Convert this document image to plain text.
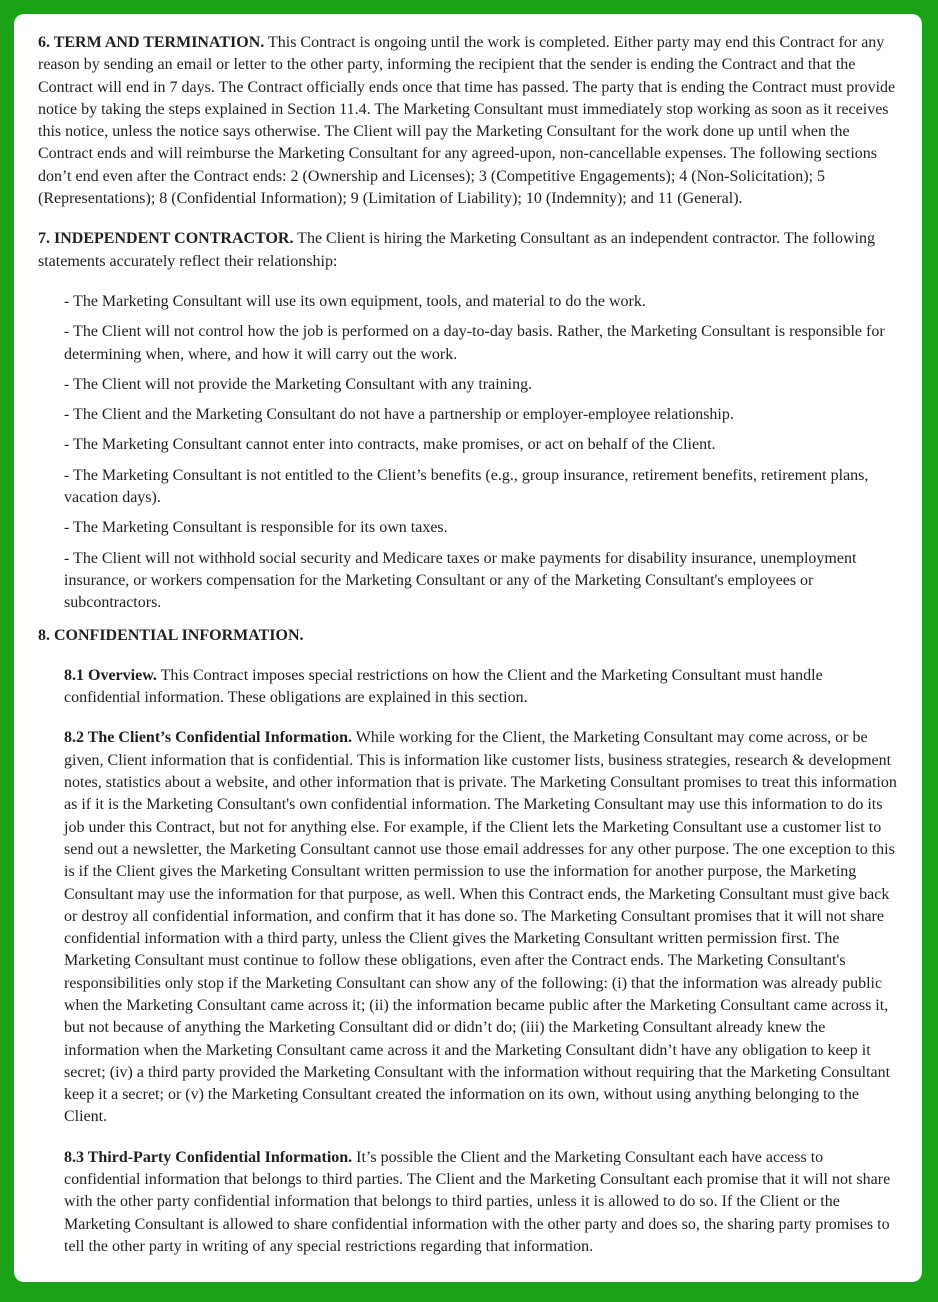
6. TERM AND TERMINATION. This Contract is ongoing until the work is completed. Either party may end this Contract for any reason by sending an email or letter to the other party, informing the recipient that the sender is ending the Contract and that the Contract will end in 7 days. The Contract officially ends once that time has passed. The party that is ending the Contract must provide notice by taking the steps explained in Section 11.4. The Marketing Consultant must immediately stop working as soon as it receives this notice, unless the notice says otherwise. The Client will pay the Marketing Consultant for the work done up until when the Contract ends and will reimburse the Marketing Consultant for any agreed-upon, non-cancellable expenses. The following sections don’t end even after the Contract ends: 2 (Ownership and Licenses); 3 (Competitive Engagements); 4 (Non-Solicitation); 5 (Representations); 8 (Confidential Information); 9 (Limitation of Liability); 10 (Indemnity); and 11 (General).

7. INDEPENDENT CONTRACTOR. The Client is hiring the Marketing Consultant as an independent contractor. The following statements accurately reflect their relationship:

- The Marketing Consultant will use its own equipment, tools, and material to do the work.

- The Client will not control how the job is performed on a day-to-day basis. Rather, the Marketing Consultant is responsible for determining when, where, and how it will carry out the work.

- The Client will not provide the Marketing Consultant with any training.

- The Client and the Marketing Consultant do not have a partnership or employer-employee relationship.

- The Marketing Consultant cannot enter into contracts, make promises, or act on behalf of the Client.

- The Marketing Consultant is not entitled to the Client’s benefits (e.g., group insurance, retirement benefits, retirement plans, vacation days).

- The Marketing Consultant is responsible for its own taxes.

- The Client will not withhold social security and Medicare taxes or make payments for disability insurance, unemployment insurance, or workers compensation for the Marketing Consultant or any of the Marketing Consultant's employees or subcontractors.

8. CONFIDENTIAL INFORMATION.

8.1 Overview. This Contract imposes special restrictions on how the Client and the Marketing Consultant must handle confidential information. These obligations are explained in this section.

8.2 The Client’s Confidential Information. While working for the Client, the Marketing Consultant may come across, or be given, Client information that is confidential. This is information like customer lists, business strategies, research & development notes, statistics about a website, and other information that is private. The Marketing Consultant promises to treat this information as if it is the Marketing Consultant's own confidential information. The Marketing Consultant may use this information to do its job under this Contract, but not for anything else. For example, if the Client lets the Marketing Consultant use a customer list to send out a newsletter, the Marketing Consultant cannot use those email addresses for any other purpose. The one exception to this is if the Client gives the Marketing Consultant written permission to use the information for another purpose, the Marketing Consultant may use the information for that purpose, as well. When this Contract ends, the Marketing Consultant must give back or destroy all confidential information, and confirm that it has done so. The Marketing Consultant promises that it will not share confidential information with a third party, unless the Client gives the Marketing Consultant written permission first. The Marketing Consultant must continue to follow these obligations, even after the Contract ends. The Marketing Consultant's responsibilities only stop if the Marketing Consultant can show any of the following: (i) that the information was already public when the Marketing Consultant came across it; (ii) the information became public after the Marketing Consultant came across it, but not because of anything the Marketing Consultant did or didn’t do; (iii) the Marketing Consultant already knew the information when the Marketing Consultant came across it and the Marketing Consultant didn’t have any obligation to keep it secret; (iv) a third party provided the Marketing Consultant with the information without requiring that the Marketing Consultant keep it a secret; or (v) the Marketing Consultant created the information on its own, without using anything belonging to the Client.

8.3 Third-Party Confidential Information. It’s possible the Client and the Marketing Consultant each have access to confidential information that belongs to third parties. The Client and the Marketing Consultant each promise that it will not share with the other party confidential information that belongs to third parties, unless it is allowed to do so. If the Client or the Marketing Consultant is allowed to share confidential information with the other party and does so, the sharing party promises to tell the other party in writing of any special restrictions regarding that information.
